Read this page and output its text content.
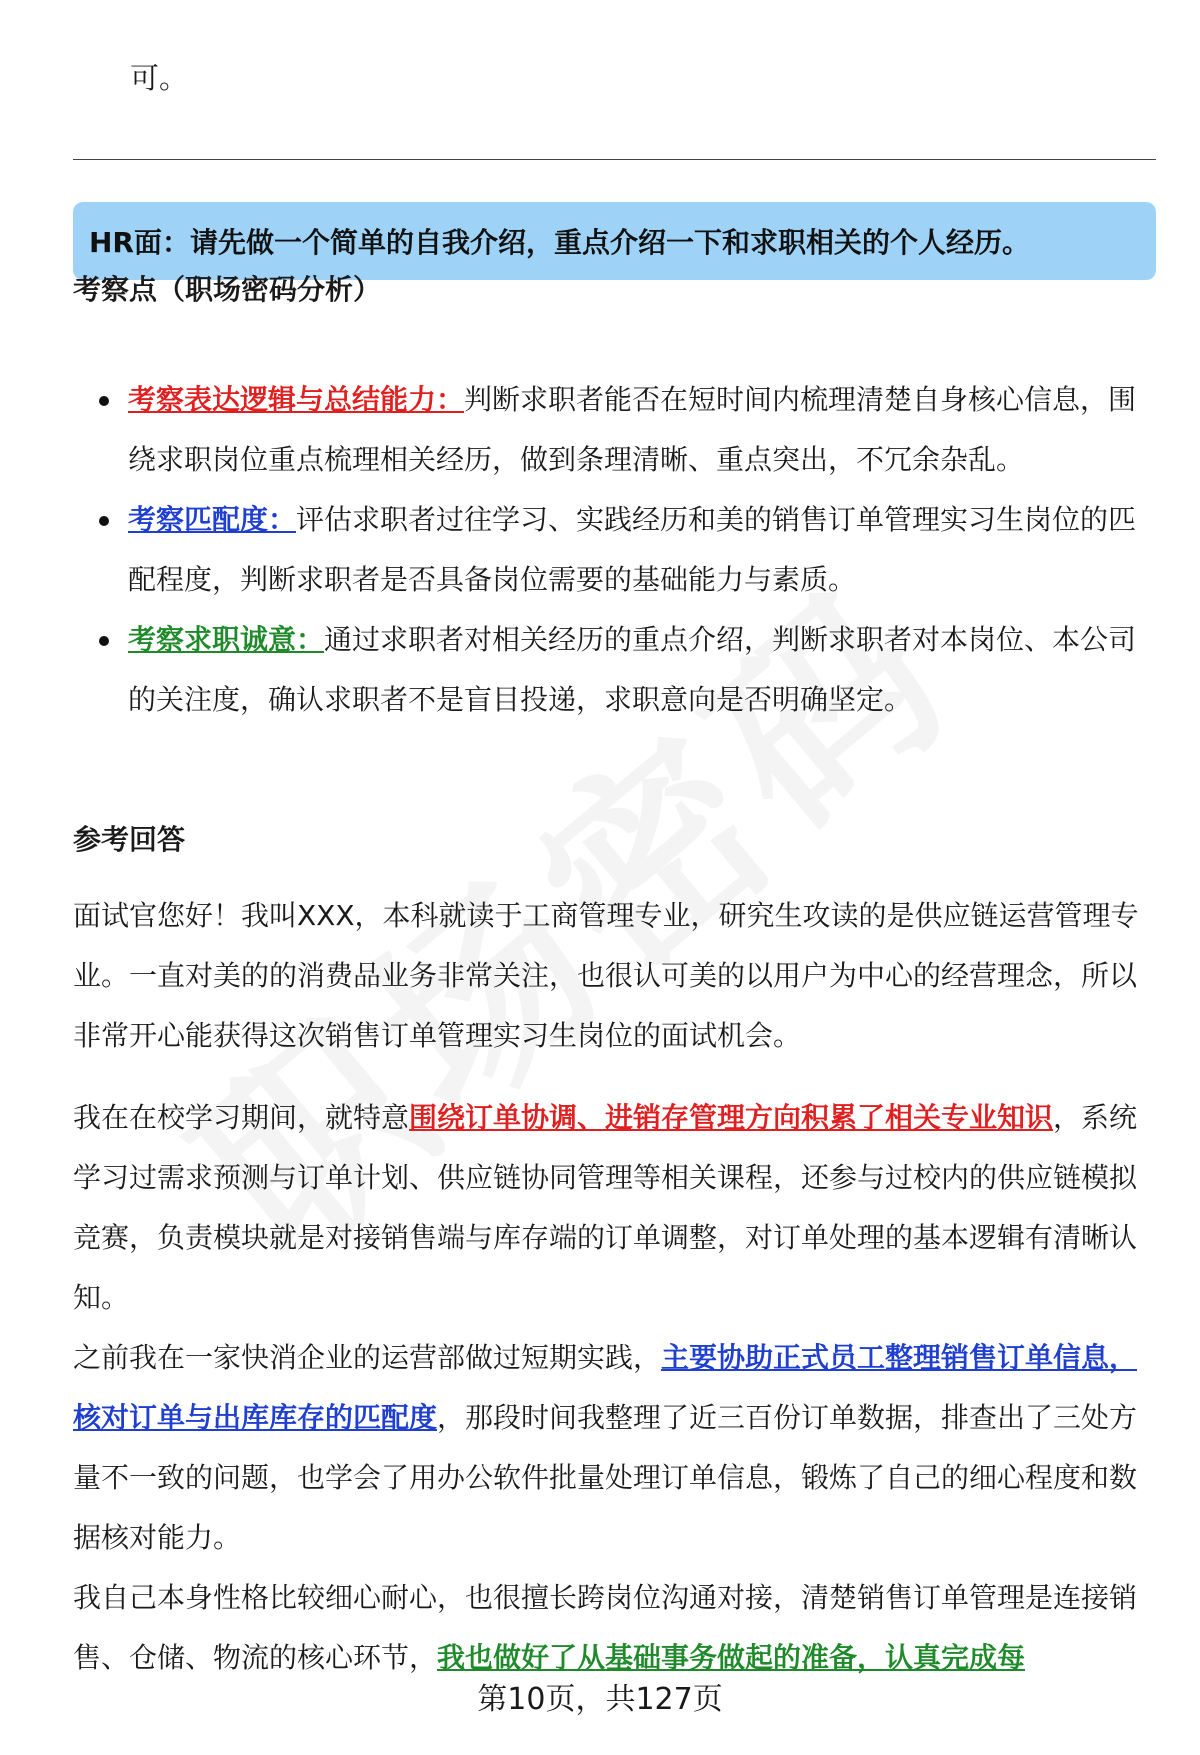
可。
HR面：请先做一个简单的自我介绍，重点介绍一下和求职相关的个人经历。
考察点（职场密码分析）
考察表达逻辑与总结能力：判断求职者能否在短时间内梳理清楚自身核心信息，围绕求职岗位重点梳理相关经历，做到条理清晰、重点突出，不冗余杂乱。
考察匹配度：评估求职者过往学习、实践经历和美的销售订单管理实习生岗位的匹配程度，判断求职者是否具备岗位需要的基础能力与素质。
考察求职诚意：通过求职者对相关经历的重点介绍，判断求职者对本岗位、本公司的关注度，确认求职者不是盲目投递，求职意向是否明确坚定。
参考回答

面试官您好！我叫XXX，本科就读于工商管理专业，研究生攻读的是供应链运营管理专业。一直对美的的消费品业务非常关注，也很认可美的以用户为中心的经营理念，所以非常开心能获得这次销售订单管理实习生岗位的面试机会。

我在在校学习期间，就特意围绕订单协调、进销存管理方向积累了相关专业知识，系统学习过需求预测与订单计划、供应链协同管理等相关课程，还参与过校内的供应链模拟竞赛，负责模块就是对接销售端与库存端的订单调整，对订单处理的基本逻辑有清晰认知。

之前我在一家快消企业的运营部做过短期实践，主要协助正式员工整理销售订单信息，核对订单与出库库存的匹配度，那段时间我整理了近三百份订单数据，排查出了三处方量不一致的问题，也学会了用办公软件批量处理订单信息，锻炼了自己的细心程度和数据核对能力。

我自己本身性格比较细心耐心，也很擅长跨岗位沟通对接，清楚销售订单管理是连接销售、仓储、物流的核心环节，我也做好了从基础事务做起的准备，认真完成每

第10页，共127页
